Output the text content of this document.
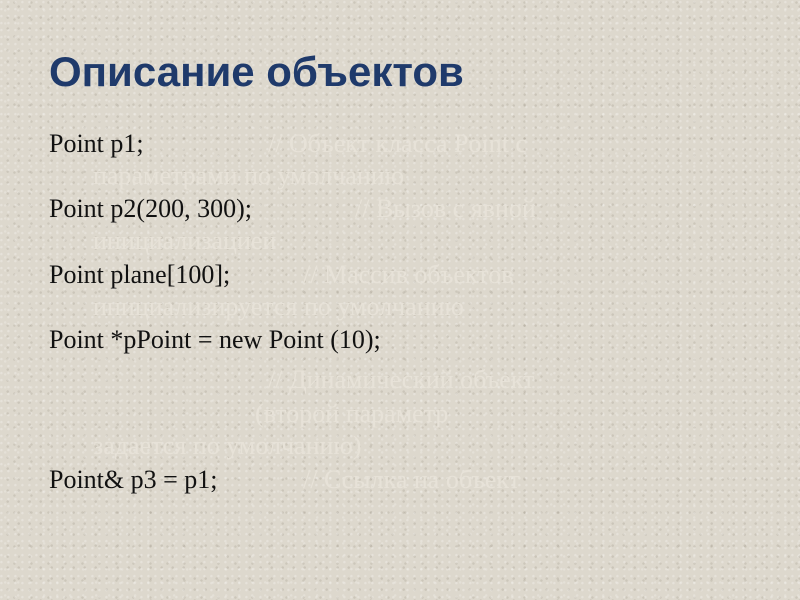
Описание объектов
Point p1;	// Объект класса Point с
параметрами по умолчанию
Point p2(200, 300);	// Вызов с явной
инициализацией
Point plane[100];	// Массив объектов
инициализируется по умолчанию
Point *pPoint = new Point (10);
// Динамический объект
(второй параметр
задается по умолчанию)
Point& p3 = p1;	// Ссылка на объект
